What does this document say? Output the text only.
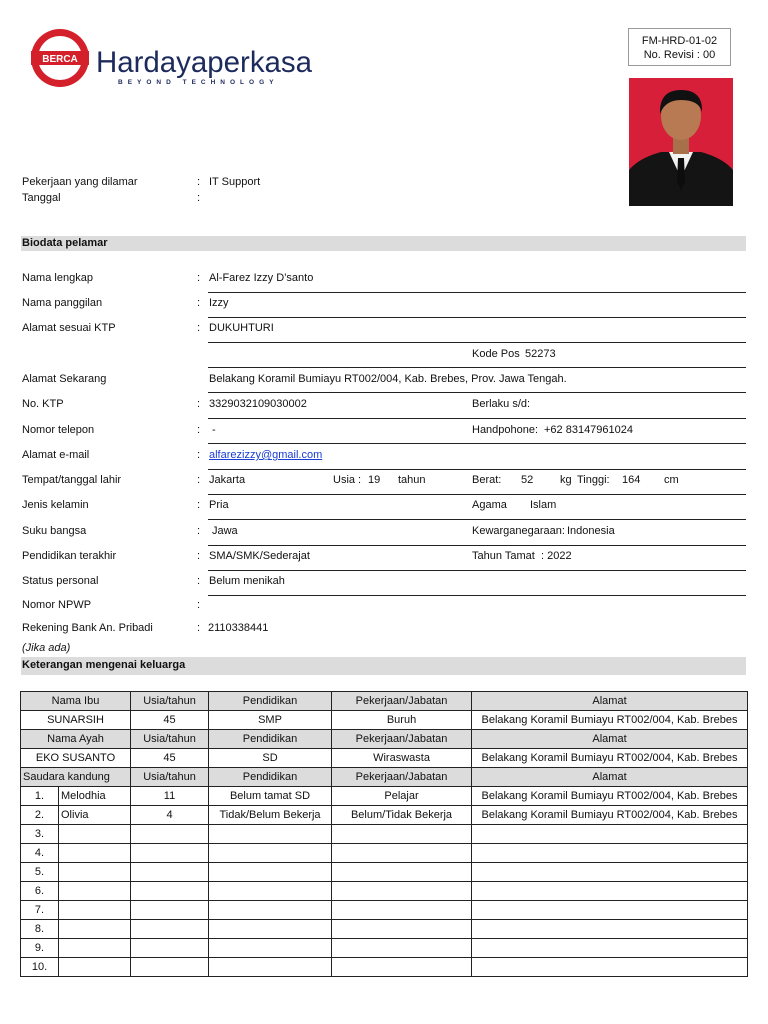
BERCA Hardayaperkasa
BEYOND TECHNOLOGY
FM-HRD-01-02
No. Revisi : 00
Pekerjaan yang dilamar	: IT Support
Tanggal	:
Biodata pelamar
Nama lengkap	: Al-Farez Izzy D’santo
Nama panggilan	: Izzy
Alamat sesuai KTP	: DUKUHTURI
Kode Pos 52273
Alamat Sekarang	Belakang Koramil Bumiayu RT002/004, Kab. Brebes, Prov. Jawa Tengah.
No. KTP	: 3329032109030002	Berlaku s/d:
Nomor telepon	: -	Handpohone: +62 83147961024
Alamat e-mail	: alfarezizzy@gmail.com
Tempat/tanggal lahir	: Jakarta	Usia : 19 tahun	Berat: 52 kg Tinggi: 164 cm
Jenis kelamin	: Pria	Agama Islam
Suku bangsa	: Jawa	Kewarganegaraan: Indonesia
Pendidikan terakhir	: SMA/SMK/Sederajat	Tahun Tamat : 2022
Status personal	: Belum menikah
Nomor NPWP	:
Rekening Bank An. Pribadi	: 2110338441
(Jika ada)
Keterangan mengenai keluarga
Nama Ibu		Usia/tahun	Pendidikan	Pekerjaan/Jabatan	Alamat
SUNARSIH		45	SMP	Buruh	Belakang Koramil Bumiayu RT002/004, Kab. Brebes
Nama Ayah		Usia/tahun	Pendidikan	Pekerjaan/Jabatan	Alamat
EKO SUSANTO		45	SD	Wiraswasta	Belakang Koramil Bumiayu RT002/004, Kab. Brebes
Saudara kandung		Usia/tahun	Pendidikan	Pekerjaan/Jabatan	Alamat
1.	Melodhia	11	Belum tamat SD	Pelajar	Belakang Koramil Bumiayu RT002/004, Kab. Brebes
2.	Olivia	4	Tidak/Belum Bekerja	Belum/Tidak Bekerja	Belakang Koramil Bumiayu RT002/004, Kab. Brebes
3.					
4.					
5.					
6.					
7.					
8.					
9.					
10.					
